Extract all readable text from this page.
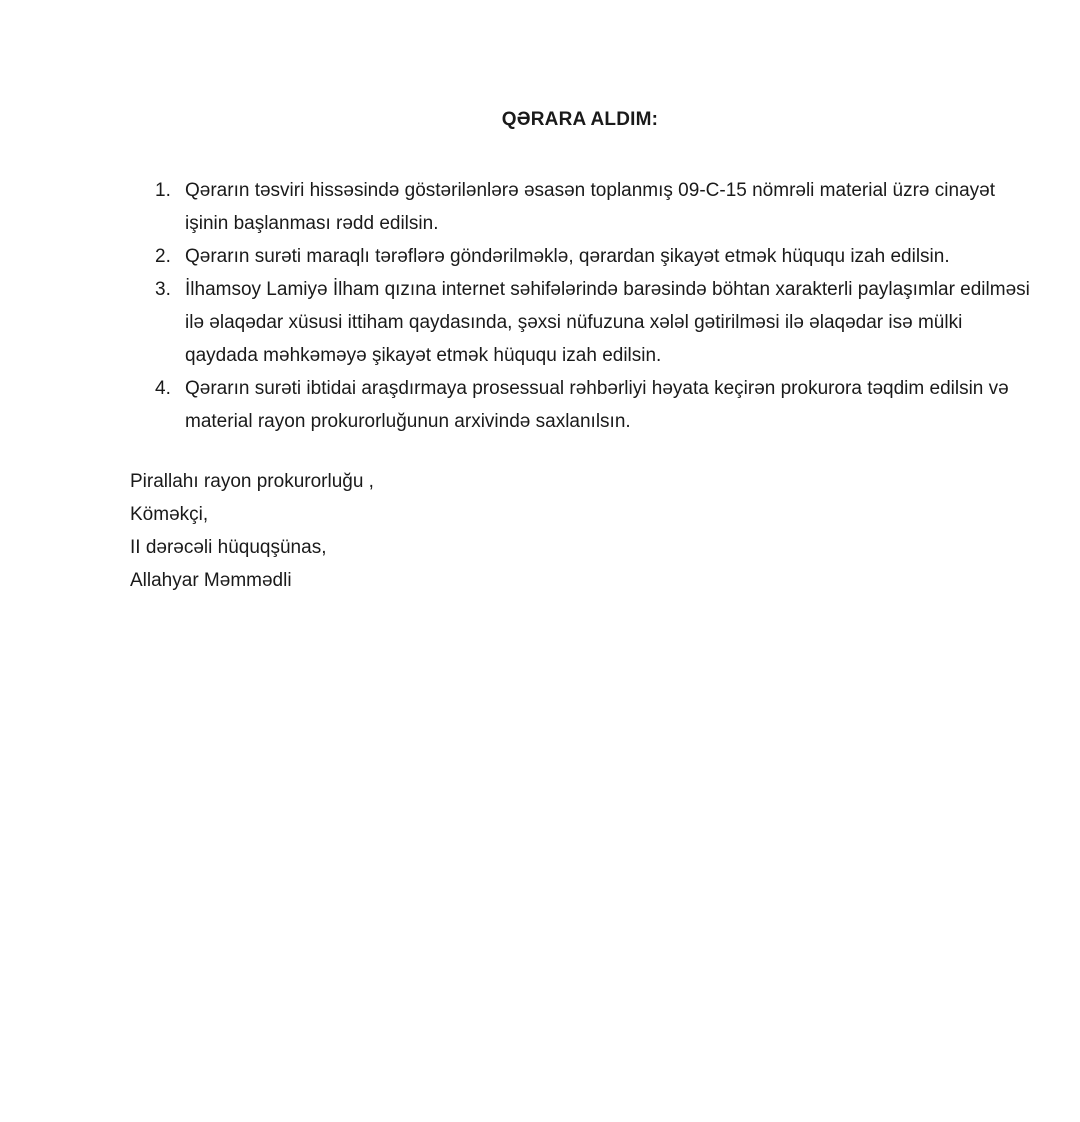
QƏRARA ALDIM:
1. Qərarın təsviri hissəsində göstərilənlərə əsasən toplanmış 09-C-15 nömrəli material üzrə cinayət işinin başlanması rədd edilsin.
2. Qərarın surəti maraqlı tərəflərə göndərilməklə, qərardan şikayət etmək hüququ izah edilsin.
3. İlhamsoy Lamiyə İlham qızına internet səhifələrində barəsində böhtan xarakterli paylaşımlar edilməsi ilə əlaqədar xüsusi ittiham qaydasında, şəxsi nüfuzuna xələl gətirilməsi ilə əlaqədar isə mülki qaydada məhkəməyə şikayət etmək hüququ izah edilsin.
4. Qərarın surəti ibtidai araşdırmaya prosessual rəhbərliyi həyata keçirən prokurora təqdim edilsin və material rayon prokurorluğunun arxivində saxlanılsın.
Pirallahı rayon prokurorluğu ,
Köməkçi,
II dərəcəli hüquqşünas,
Allahyar Məmmədli
